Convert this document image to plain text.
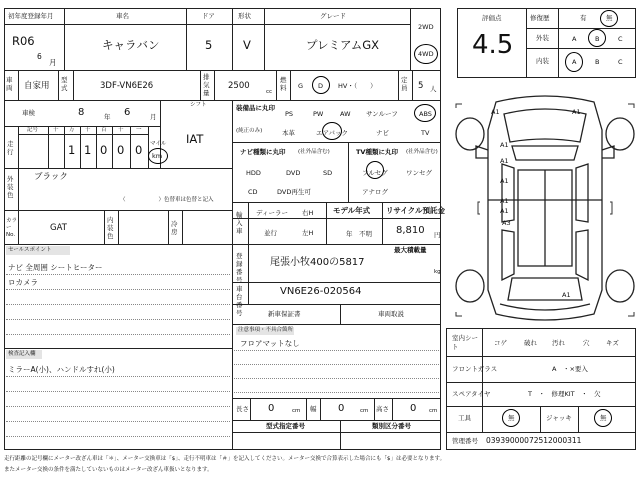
初年度登録年月
R06
6
月
車名
キャラバン
ドア
5
形状
V
グレード
プレミアムGX
2WD
4WD
車両 自家用
型式	3DF-VN6E26
排気量
2500
cc
燃料	G D HV・（　　）
定員 5 人
シフト
IAT
車検	8	年 6	月
記号	十 万 千 百 十 一
走行	1 1 0 0 0 マイル
km
外装色
ブラック
（　　　　　　）色替車は色替と記入
カラーNo.
GAT
内装色
冷房
セールスポイント
ナビ 全周囲 シートヒーター
ロカメラ
検査記入欄
ミラーA(小)、ハンドルすれ(小)
装備品に丸印
(純正のみ)
PS	PW	AW サンルーフ	ABS
本革	エアバック	ナビ	TV
ナビ種類に丸印 (社外品含む)
HDD	DVD	SD
CD	DVD再生可
TV種類に丸印 (社外品含む)
フルセグ	ワンセグ
アナログ
輸入車
ディーラー
並行
右H
左H
モデル年式
年　不明
リサイクル預託金
8,810 円
登録番号
最大積載量
尾張小牧400の5817
kg
車台番号
VN6E26-020564
新車保証書	車両取説
注意事項・不具合箇所
フロアマットなし
長さ 0	cm 幅 0	cm 高さ 0 cm
型式指定番号	類別区分番号
評価点
4.5
修復歴	有	無
外装	A	B	C
内装	A	B	C
A1	A1
A1
A1
A1
A1
A1
A3
A1
室内シート	コゲ	破れ 汚れ	穴	キズ
フロントガラス	A　・×要入
スペアタイヤ	T　・　修理KIT　・　欠
工具	無	ジャッキ	無
管理番号 03939000072512000311
走行距離の記号欄にメーター改ざん車は「＊」、メーター交換車は「$」、走行不明車は「＃」を記入してください。メーター交換で合算表示した場合にも「$」は必要となります。
またメーター交換の条件を満たしていないものはメーター改ざん車扱いとなります。
